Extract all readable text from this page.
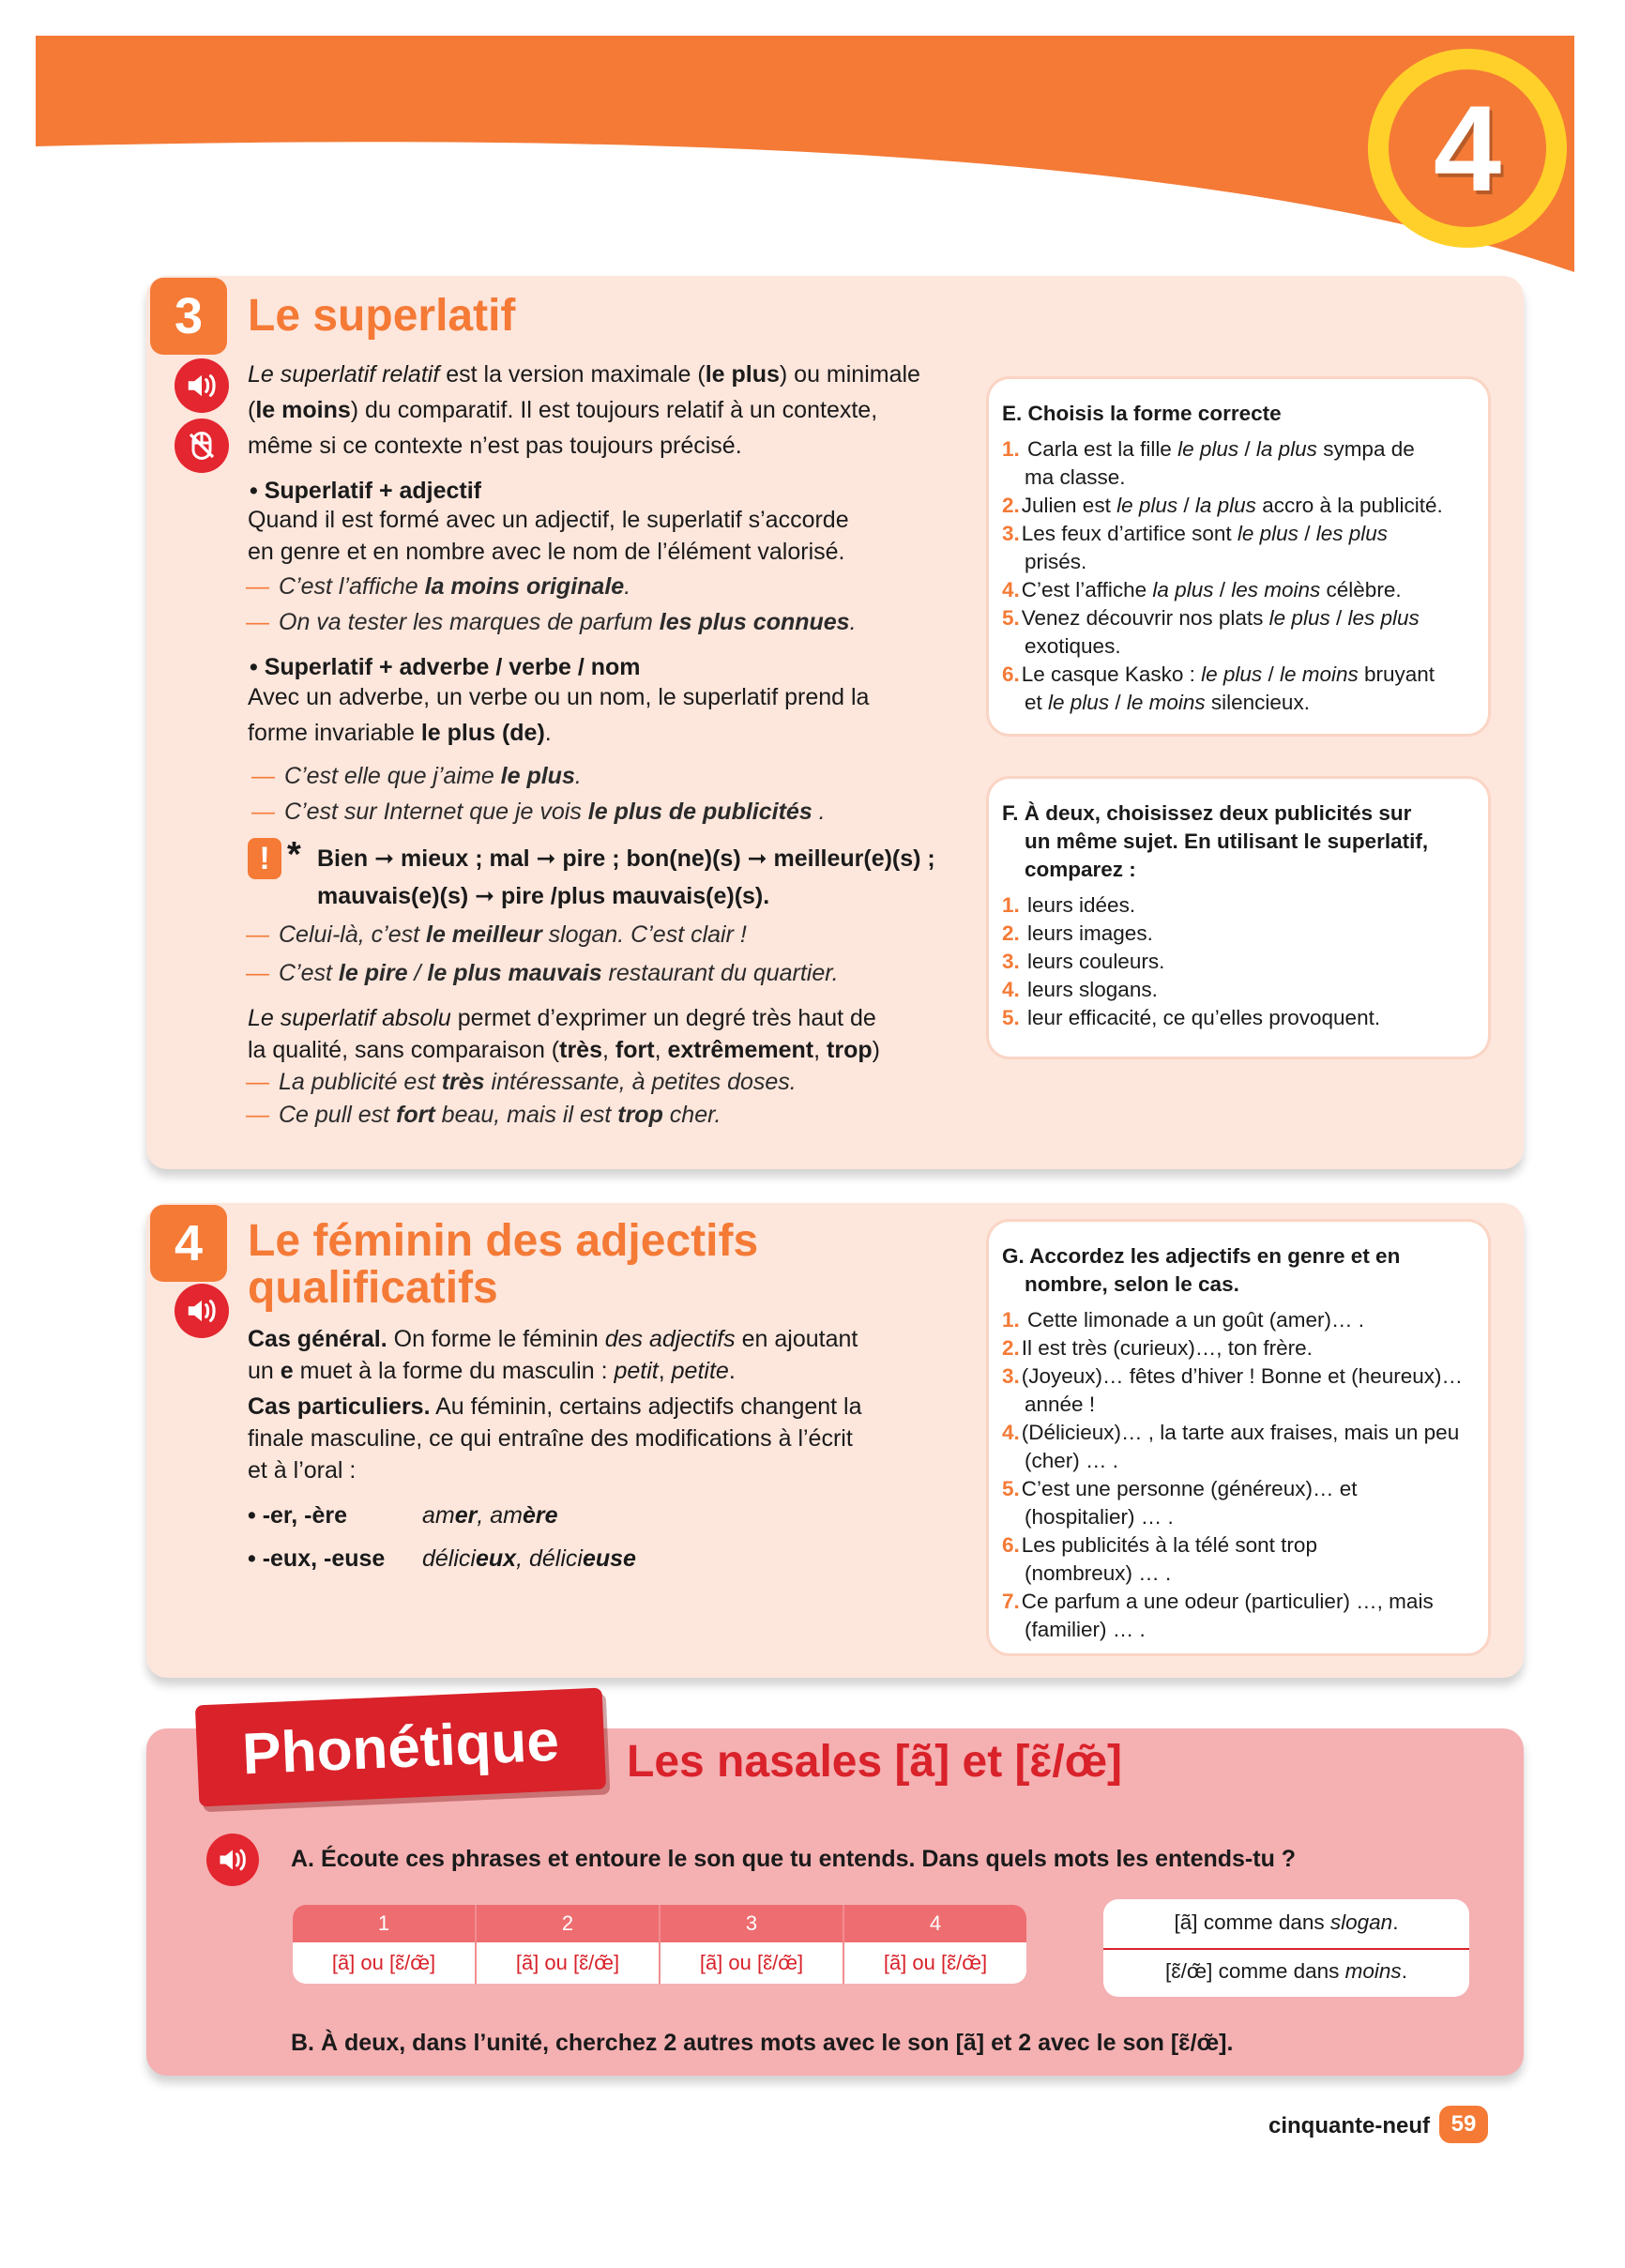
4
3 Le superlatif
Le superlatif relatif est la version maximale (le plus) ou minimale
(le moins) du comparatif. Il est toujours relatif à un contexte,
même si ce contexte n’est pas toujours précisé.
• Superlatif + adjectif
Quand il est formé avec un adjectif, le superlatif s’accorde
en genre et en nombre avec le nom de l’élément valorisé.
— C’est l’affiche la moins originale.
— On va tester les marques de parfum les plus connues.
• Superlatif + adverbe / verbe / nom
Avec un adverbe, un verbe ou un nom, le superlatif prend la
forme invariable le plus (de).
— C’est elle que j’aime le plus.
— C’est sur Internet que je vois le plus de publicités .
! * Bien ➞ mieux ; mal ➞ pire ; bon(ne)(s) ➞ meilleur(e)(s) ;
mauvais(e)(s) ➞ pire /plus mauvais(e)(s).
— Celui-là, c’est le meilleur slogan. C’est clair !
— C’est le pire / le plus mauvais restaurant du quartier.
Le superlatif absolu permet d’exprimer un degré très haut de
la qualité, sans comparaison (très, fort, extrêmement, trop)
— La publicité est très intéressante, à petites doses.
— Ce pull est fort beau, mais il est trop cher.
E. Choisis la forme correcte
1. Carla est la fille le plus / la plus sympa de
ma classe.
2.Julien est le plus / la plus accro à la publicité.
3.Les feux d’artifice sont le plus / les plus
prisés.
4.C’est l’affiche la plus / les moins célèbre.
5.Venez découvrir nos plats le plus / les plus
exotiques.
6.Le casque Kasko : le plus / le moins bruyant
et le plus / le moins silencieux.
F. À deux, choisissez deux publicités sur
un même sujet. En utilisant le superlatif,
comparez :
1. leurs idées.
2. leurs images.
3. leurs couleurs.
4. leurs slogans.
5. leur efficacité, ce qu’elles provoquent.
4 Le féminin des adjectifs
qualificatifs
Cas général. On forme le féminin des adjectifs en ajoutant
un e muet à la forme du masculin : petit, petite.
Cas particuliers. Au féminin, certains adjectifs changent la
finale masculine, ce qui entraîne des modifications à l’écrit
et à l’oral :
• -er, -ère	amer, amère
• -eux, -euse délicieux, délicieuse
G. Accordez les adjectifs en genre et en
nombre, selon le cas.
1. Cette limonade a un goût (amer)… .
2.Il est très (curieux)…, ton frère.
3.(Joyeux)… fêtes d’hiver ! Bonne et (heureux)…
année !
4.(Délicieux)… , la tarte aux fraises, mais un peu
(cher) … .
5.C’est une personne (généreux)… et
(hospitalier) … .
6.Les publicités à la télé sont trop
(nombreux) … .
7.Ce parfum a une odeur (particulier) …, mais
(familier) … .
Phonétique Les nasales [ã] et [ɛ̃/œ̃]
A. Écoute ces phrases et entoure le son que tu entends. Dans quels mots les entends-tu ?
1
[ã] ou [ɛ̃/œ̃]
2
[ã] ou [ɛ̃/œ̃]
3
[ã] ou [ɛ̃/œ̃]
4
[ã] ou [ɛ̃/œ̃]
[ã] comme dans slogan.
[ɛ̃/œ̃] comme dans moins.
B. À deux, dans l’unité, cherchez 2 autres mots avec le son [ã] et 2 avec le son [ɛ̃/œ̃].
cinquante-neuf 59
